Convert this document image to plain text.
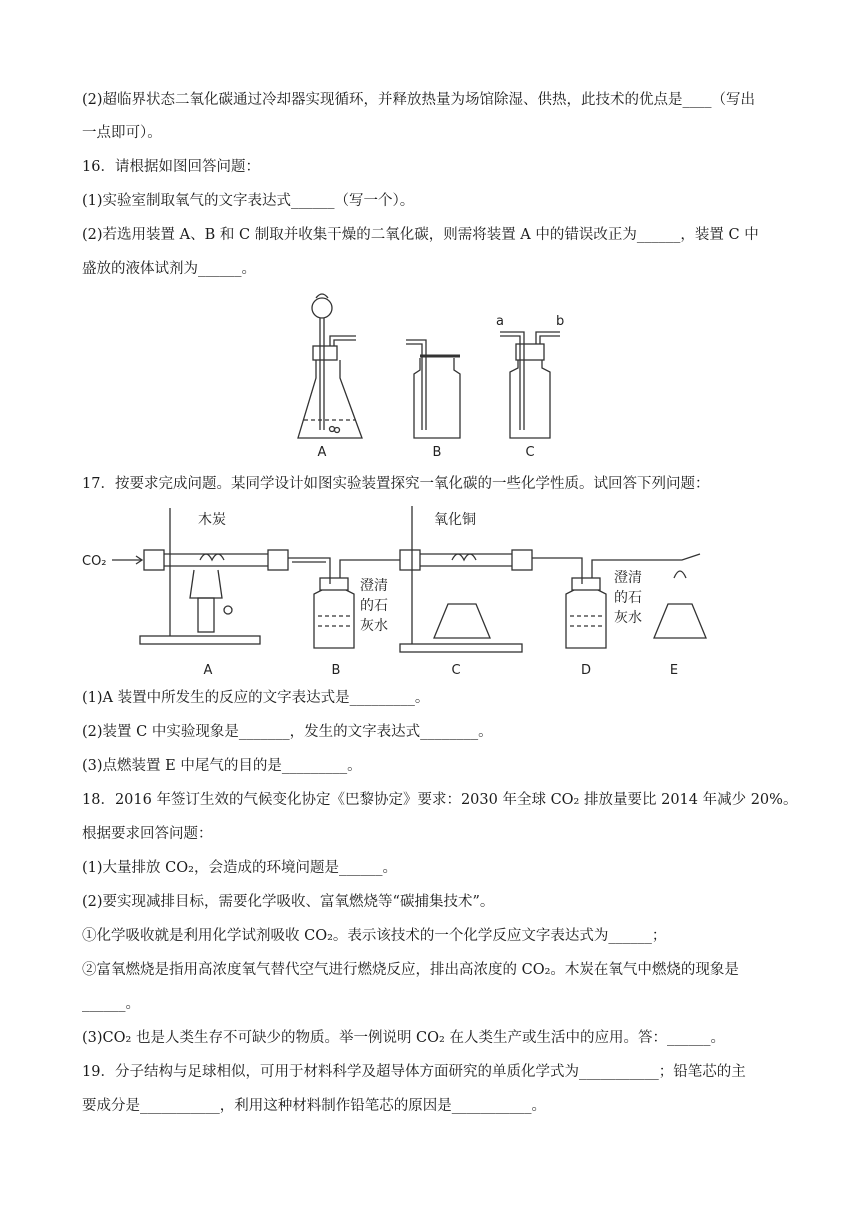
(2)超临界状态二氧化碳通过冷却器实现循环，并释放热量为场馆除湿、供热，此技术的优点是____（写出
一点即可）。
16．请根据如图回答问题：
(1)实验室制取氧气的文字表达式______（写一个）。
(2)若选用装置 A、B 和 C 制取并收集干燥的二氧化碳，则需将装置 A 中的错误改正为______，装置 C 中
盛放的液体试剂为______。
A	B	C
a	b
17．按要求完成问题。某同学设计如图实验装置探究一氧化碳的一些化学性质。试回答下列问题：
CO₂
木炭	氧化铜
澄清
的石
灰水
澄清
的石
灰水
A	B	C	D	E
(1)A 装置中所发生的反应的文字表达式是_________。
(2)装置 C 中实验现象是_______，发生的文字表达式________。
(3)点燃装置 E 中尾气的目的是_________。
18．2016 年签订生效的气候变化协定《巴黎协定》要求：2030 年全球 CO₂ 排放量要比 2014 年减少 20%。
根据要求回答问题：
(1)大量排放 CO₂，会造成的环境问题是______。
(2)要实现减排目标，需要化学吸收、富氧燃烧等“碳捕集技术”。
①化学吸收就是利用化学试剂吸收 CO₂。表示该技术的一个化学反应文字表达式为______；
②富氧燃烧是指用高浓度氧气替代空气进行燃烧反应，排出高浓度的 CO₂。木炭在氧气中燃烧的现象是
______。
(3)CO₂ 也是人类生存不可缺少的物质。举一例说明 CO₂ 在人类生产或生活中的应用。答：______。
19．分子结构与足球相似，可用于材料科学及超导体方面研究的单质化学式为___________；铅笔芯的主
要成分是___________，利用这种材料制作铅笔芯的原因是___________。
